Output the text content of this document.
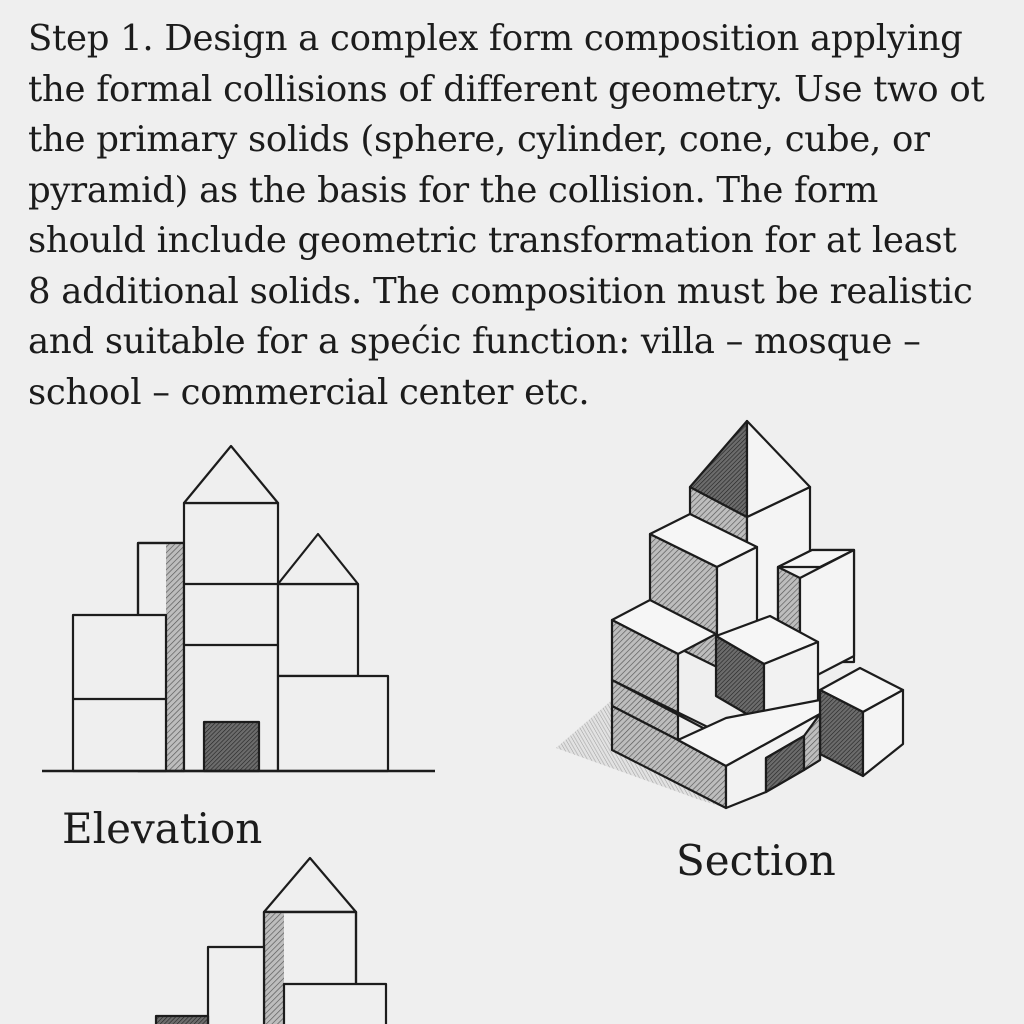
Step 1. Design a complex form composition applying
the formal collisions of different geometry. Use two ot
the primary solids (sphere, cylinder, cone, cube, or
pyramid) as the basis for the collision. The form
should include geometric transformation for at least
8 additional solids. The composition must be realistic
and suitable for a spećic function: villa – mosque –
school – commercial center etc.
Elevation
Section
